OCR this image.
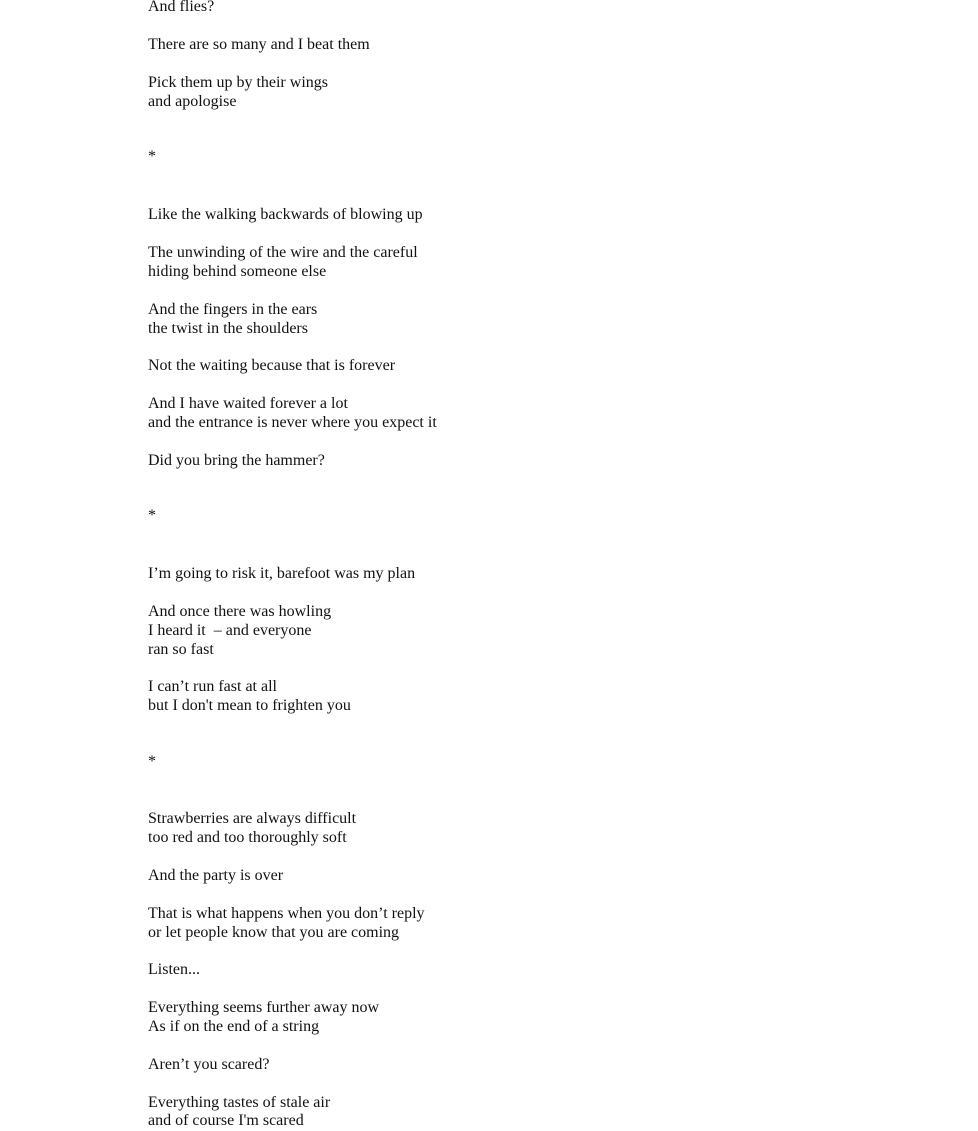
And flies?
There are so many and I beat them
Pick them up by their wings
and apologise
*
Like the walking backwards of blowing up
The unwinding of the wire and the careful
hiding behind someone else
And the fingers in the ears
the twist in the shoulders
Not the waiting because that is forever
And I have waited forever a lot
and the entrance is never where you expect it
Did you bring the hammer?
*
I’m going to risk it, barefoot was my plan
And once there was howling
I heard it  – and everyone
ran so fast
I can’t run fast at all
but I don't mean to frighten you
*
Strawberries are always difficult
too red and too thoroughly soft
And the party is over
That is what happens when you don’t reply
or let people know that you are coming
Listen...
Everything seems further away now
As if on the end of a string
Aren’t you scared?
Everything tastes of stale air
and of course I'm scared
